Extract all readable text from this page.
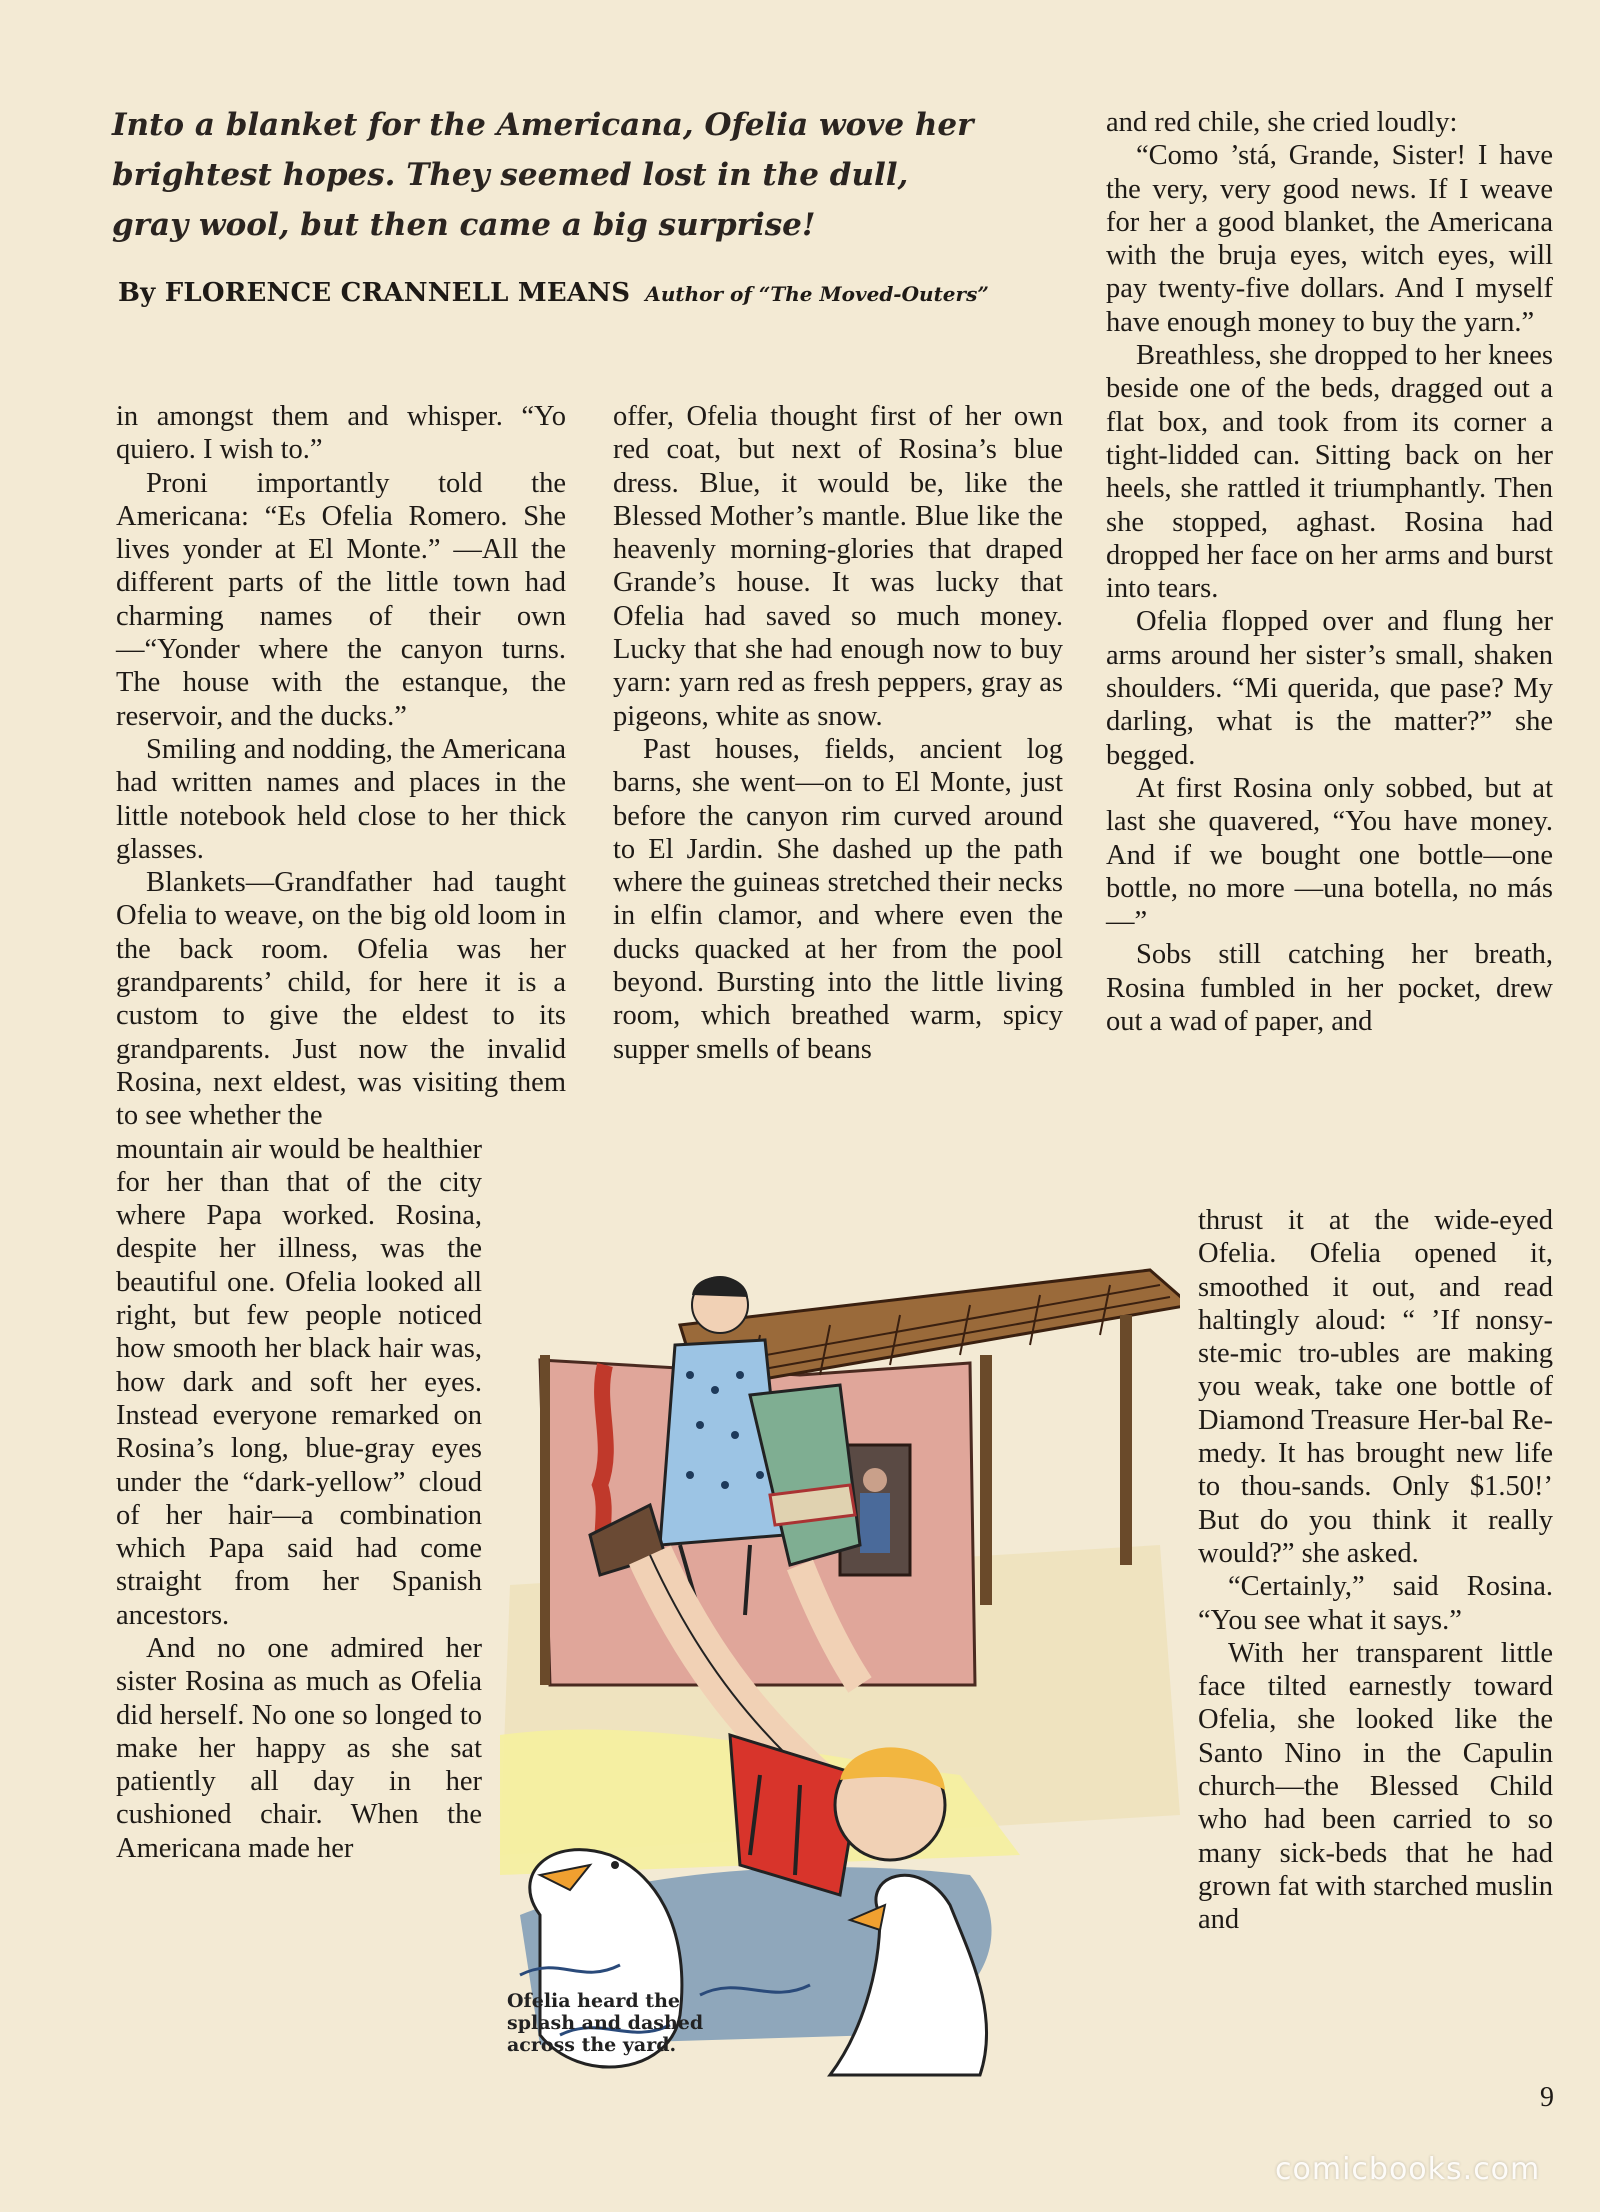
Into a blanket for the Americana, Ofelia wove her brightest hopes. They seemed lost in the dull, gray wool, but then came a big surprise!

By FLORENCE CRANNELL MEANS Author of “The Moved-Outers”

in amongst them and whisper. “Yo quiero. I wish to.”

Proni importantly told the Americana: “Es Ofelia Romero. She lives yonder at El Monte.” —All the different parts of the little town had charming names of their own—“Yonder where the canyon turns. The house with the estanque, the reservoir, and the ducks.”

Smiling and nodding, the Americana had written names and places in the little notebook held close to her thick glasses.

Blankets—Grandfather had taught Ofelia to weave, on the big old loom in the back room. Ofelia was her grandparents’ child, for here it is a custom to give the eldest to its grandparents. Just now the invalid Rosina, next eldest, was visiting them to see whether the

mountain air would be healthier for her than that of the city where Papa worked. Rosina, despite her illness, was the beautiful one. Ofelia looked all right, but few people noticed how smooth her black hair was, how dark and soft her eyes. Instead everyone remarked on Rosina’s long, blue-gray eyes under the “dark-yellow” cloud of her hair—a combination which Papa said had come straight from her Spanish ancestors.

And no one admired her sister Rosina as much as Ofelia did herself. No one so longed to make her happy as she sat patiently all day in her cushioned chair. When the Americana made her

offer, Ofelia thought first of her own red coat, but next of Rosina’s blue dress. Blue, it would be, like the Blessed Mother’s mantle. Blue like the heavenly morning-glories that draped Grande’s house. It was lucky that Ofelia had saved so much money. Lucky that she had enough now to buy yarn: yarn red as fresh peppers, gray as pigeons, white as snow.

Past houses, fields, ancient log barns, she went—on to El Monte, just before the canyon rim curved around to El Jardin. She dashed up the path where the guineas stretched their necks in elfin clamor, and where even the ducks quacked at her from the pool beyond. Bursting into the little living room, which breathed warm, spicy supper smells of beans

and red chile, she cried loudly:

“Como ’stá, Grande, Sister! I have the very, very good news. If I weave for her a good blanket, the Americana with the bruja eyes, witch eyes, will pay twenty-five dollars. And I myself have enough money to buy the yarn.”

Breathless, she dropped to her knees beside one of the beds, dragged out a flat box, and took from its corner a tight-lidded can. Sitting back on her heels, she rattled it triumphantly. Then she stopped, aghast. Rosina had dropped her face on her arms and burst into tears.

Ofelia flopped over and flung her arms around her sister’s small, shaken shoulders. “Mi querida, que pase? My darling, what is the matter?” she begged.

At first Rosina only sobbed, but at last she quavered, “You have money. And if we bought one bottle—one bottle, no more —una botella, no más—”

Sobs still catching her breath, Rosina fumbled in her pocket, drew out a wad of paper, and

thrust it at the wide-eyed Ofelia. Ofelia opened it, smoothed it out, and read haltingly aloud: “ ’If nonsy-ste-mic tro-ubles are making you weak, take one bottle of Diamond Treasure Her-bal Re-medy. It has brought new life to thou-sands. Only $1.50!’ But do you think it really would?” she asked.

“Certainly,” said Rosina. “You see what it says.”

With her transparent little face tilted earnestly toward Ofelia, she looked like the Santo Nino in the Capulin church—the Blessed Child who had been carried to so many sick-beds that he had grown fat with starched muslin and

Ofelia heard the splash and dashed across the yard.
9
comicbooks.com
